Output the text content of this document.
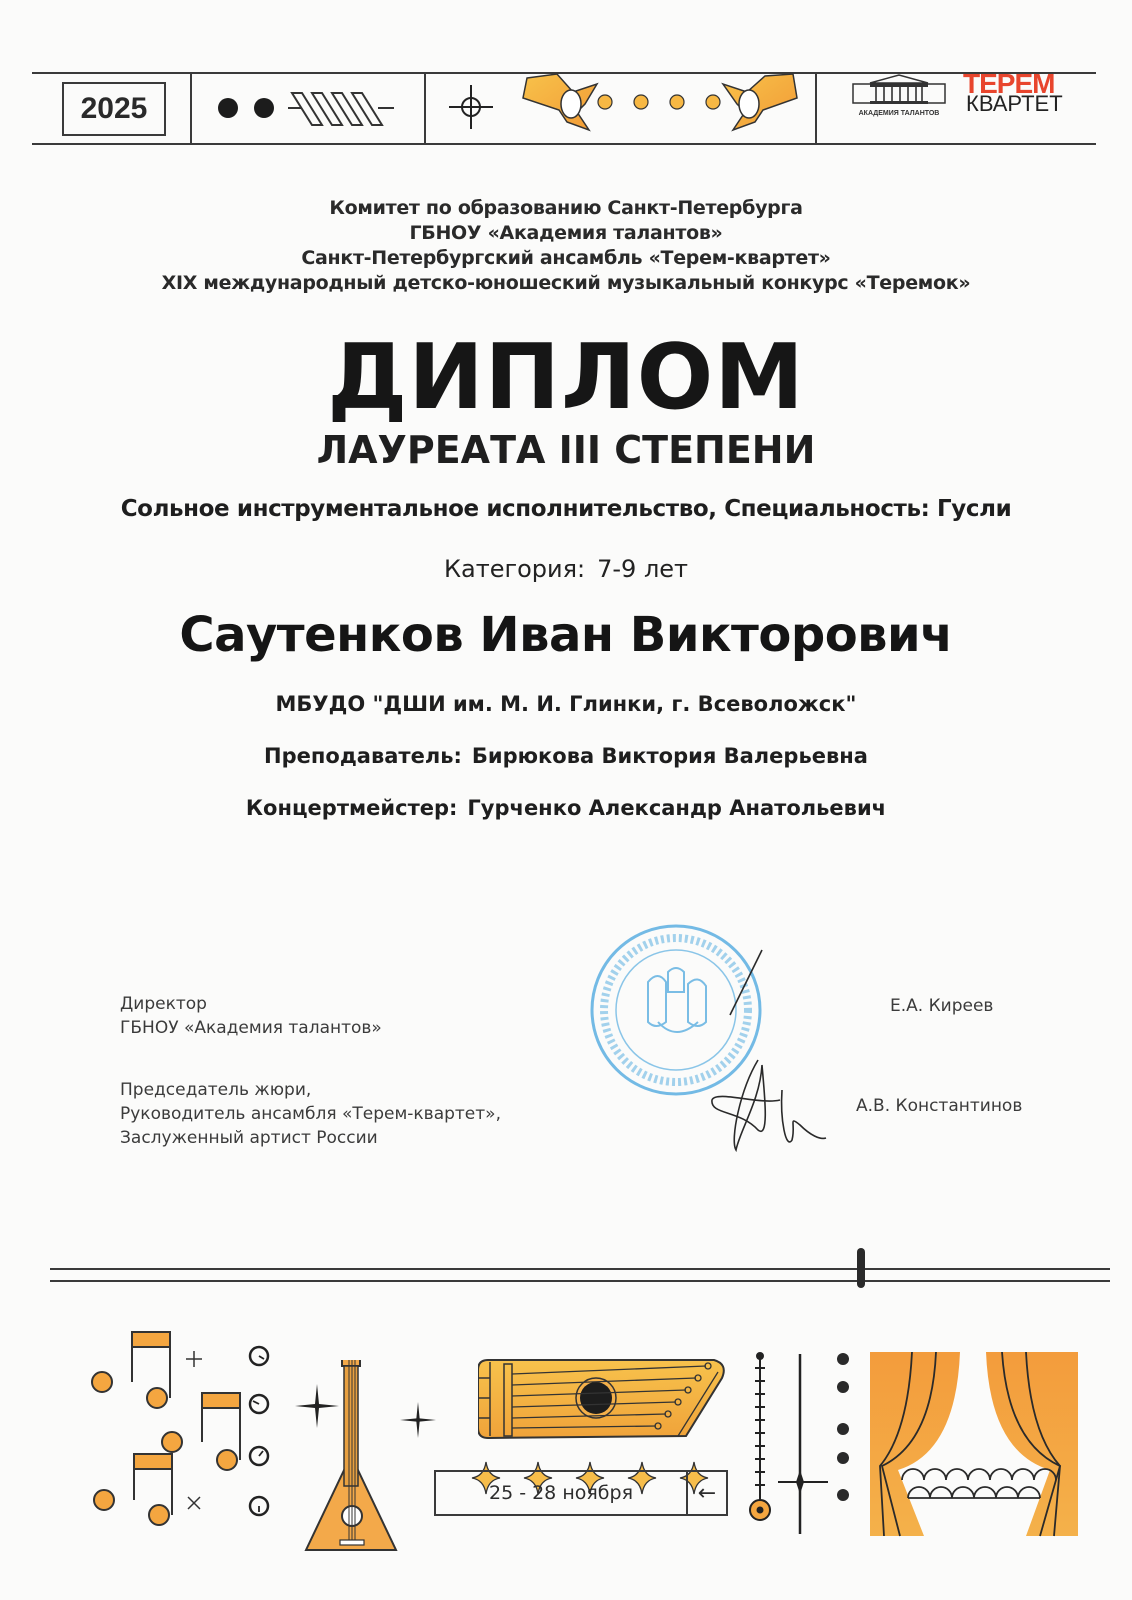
2025	АКАДЕМИЯ ТАЛАНТОВ
ТЕРЕМ
КВАРТЕТ
Комитет по образованию Санкт-Петербурга
ГБНОУ «Академия талантов»
Санкт-Петербургский ансамбль «Терем-квартет»
XIX международный детско-юношеский музыкальный конкурс «Теремок»
ДИПЛОМ
ЛАУРЕАТА III СТЕПЕНИ
Сольное инструментальное исполнительство, Специальность: Гусли
Категория: 7-9 лет
Саутенков Иван Викторович
МБУДО "ДШИ им. М. И. Глинки, г. Всеволожск"
Преподаватель: Бирюкова Виктория Валерьевна
Концертмейстер: Гурченко Александр Анатольевич
Директор
ГБНОУ «Академия талантов»
Е.А. Киреев
Председатель жюри,
Руководитель ансамбля «Терем-квартет»,
Заслуженный артист России
А.В. Константинов
25 - 28 ноября	←
